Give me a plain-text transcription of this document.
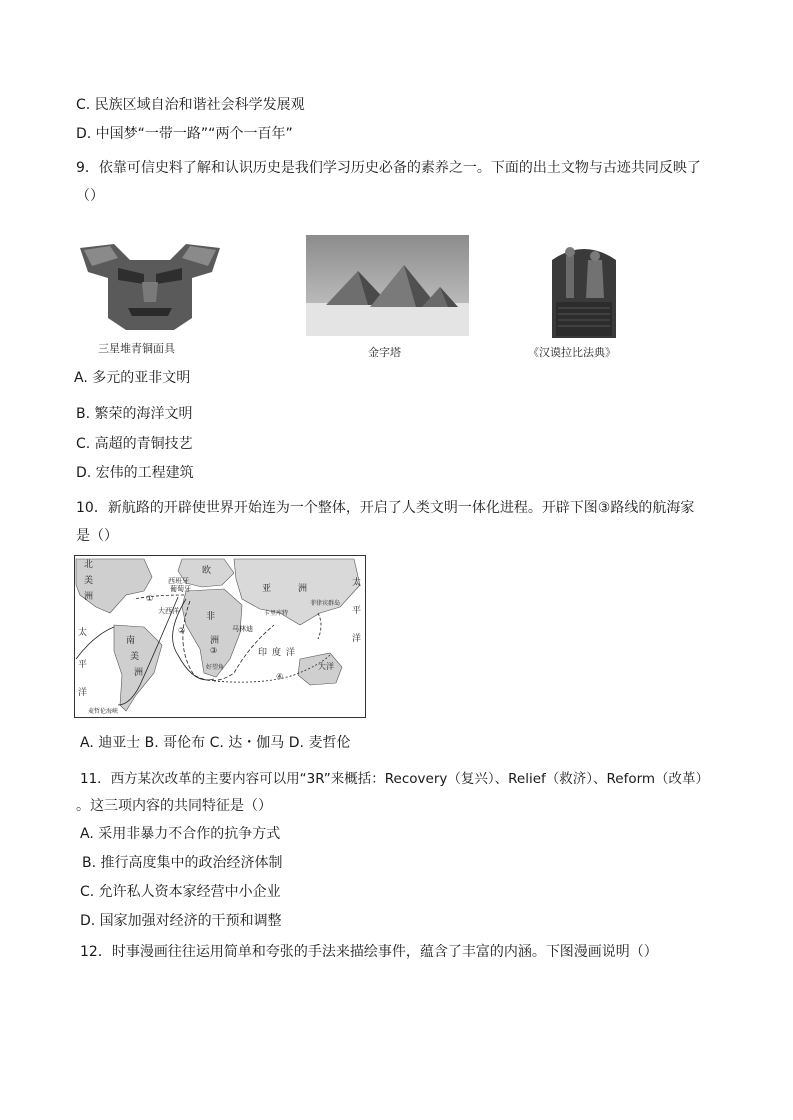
C. 民族区域自治和谐社会科学发展观
D. 中国梦“一带一路”“两个一百年”
9．依靠可信史料了解和认识历史是我们学习历史必备的素养之一。下面的出土文物与古迹共同反映了
（）
三星堆青铜面具	金字塔	《汉谟拉比法典》
A. 多元的亚非文明
B. 繁荣的海洋文明
C. 高超的青铜技艺
D. 宏伟的工程建筑
10．新航路的开辟使世界开始连为一个整体，开启了人类文明一体化进程。开辟下图③路线的航海家
是（）
北
美
洲
欧
西班牙
葡萄牙	亚	洲
非
洲
南
美
洲
大西洋
印 度 洋
太
平
洋
大洋
卡里库特
菲律宾群岛
马林迪
好望角
麦哲伦海峡
太
平
洋
①
②
③
④
A. 迪亚士 B. 哥伦布 C. 达・伽马 D. 麦哲伦
11．西方某次改革的主要内容可以用“3R”来概括：Recovery（复兴）、Relief（救济）、Reform（改革）
。这三项内容的共同特征是（）
A. 采用非暴力不合作的抗争方式
B. 推行高度集中的政治经济体制
C. 允许私人资本家经营中小企业
D. 国家加强对经济的干预和调整
12．时事漫画往往运用简单和夸张的手法来描绘事件，蕴含了丰富的内涵。下图漫画说明（）
